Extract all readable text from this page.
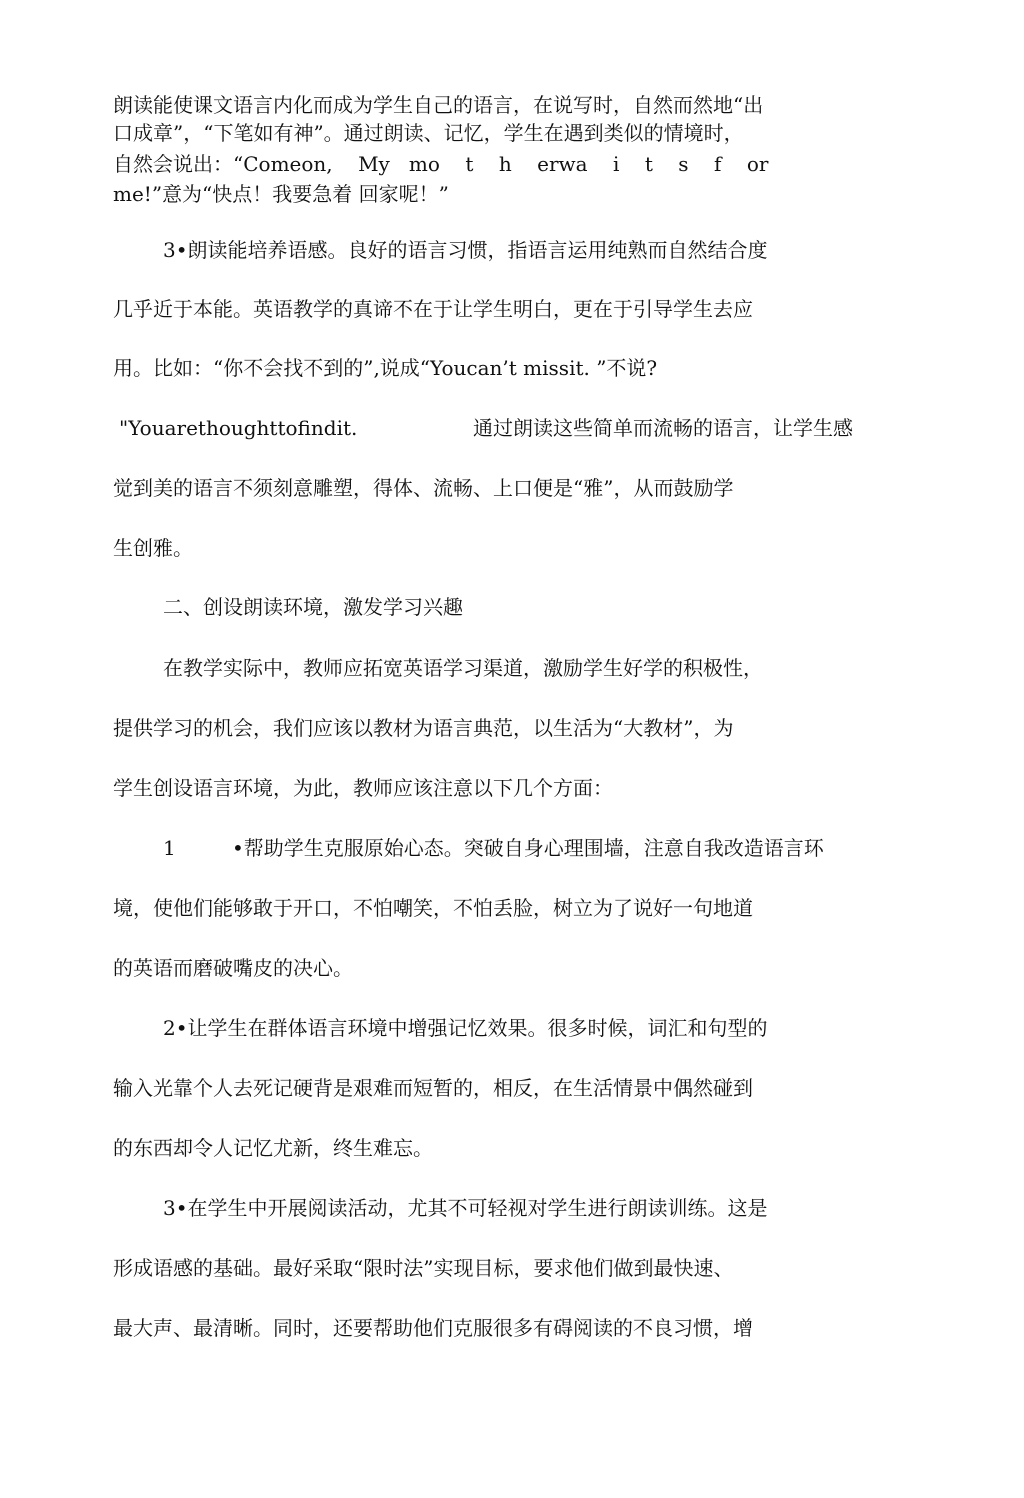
朗读能使课文语言内化而成为学生自己的语言，在说写时，自然而然地“出
口成章”，“下笔如有神”。通过朗读、记忆，学生在遇到类似的情境时，
自然会说出：“Comeon,    My   mo    t    h    erwa    i    t    s    f    or
me!”意为“快点！我要急着 回家呢！”
3•朗读能培养语感。良好的语言习惯，指语言运用纯熟而自然结合度
几乎近于本能。英语教学的真谛不在于让学生明白，更在于引导学生去应
用。比如：“你不会找不到的”,说成“Youcan’t missit. ”不说?
"Youarethoughttofindit.	通过朗读这些简单而流畅的语言，让学生感
觉到美的语言不须刻意雕塑，得体、流畅、上口便是“雅”，从而鼓励学
生创雅。
二、创设朗读环境，激发学习兴趣
在教学实际中，教师应拓宽英语学习渠道，激励学生好学的积极性，
提供学习的机会，我们应该以教材为语言典范，以生活为“大教材”，为
学生创设语言环境，为此，教师应该注意以下几个方面：
1	•帮助学生克服原始心态。突破自身心理围墙，注意自我改造语言环
境，使他们能够敢于开口，不怕嘲笑，不怕丢脸，树立为了说好一句地道
的英语而磨破嘴皮的决心。
2•让学生在群体语言环境中增强记忆效果。很多时候，词汇和句型的
输入光靠个人去死记硬背是艰难而短暂的，相反，在生活情景中偶然碰到
的东西却令人记忆尤新，终生难忘。
3•在学生中开展阅读活动，尤其不可轻视对学生进行朗读训练。这是
形成语感的基础。最好采取“限时法”实现目标，要求他们做到最快速、
最大声、最清晰。同时，还要帮助他们克服很多有碍阅读的不良习惯，增
